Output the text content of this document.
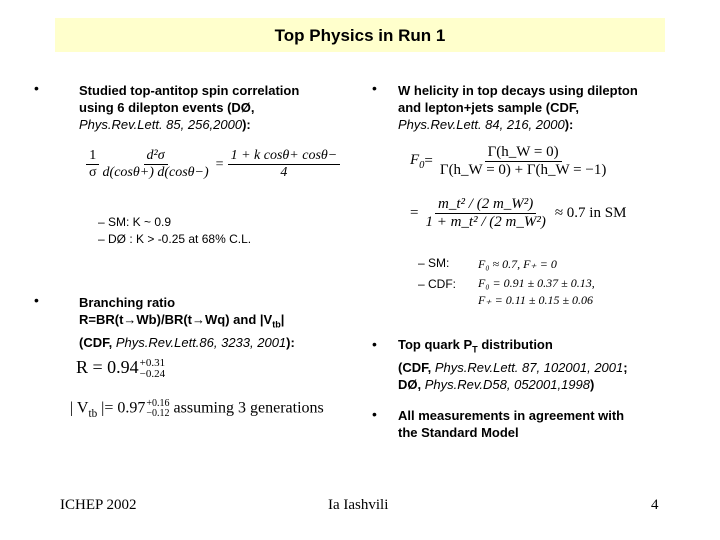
Top Physics in Run 1
•	Studied top-antitop spin correlation
using 6 dilepton events (DØ,
Phys.Rev.Lett. 85, 256,2000):
$\frac{1}{\sigma} \frac{\text{d²σ}}{d(\cos\theta+) d(\cos\theta-)} = \frac{\text{1 + k cosθ+ cosθ−}}{4}$
– SM: K ~ 0.9
– DØ : K > -0.25 at 68% C.L.
•	Branching ratio
R=BR(t→Wb)/BR(t→Wq) and $|V_{tb}|$
(CDF, Phys.Rev.Lett.86, 3233, 2001):
R = 0.94 +0.31
−0.24
| $V_{tb}$ |= 0.97 +0.16
−0.12 assuming 3 generations
• W helicity in top decays using dilepton
and lepton+jets sample (CDF,
Phys.Rev.Lett. 84, 216, 2000):
$F_0 = \frac{\Gamma(h\_W = 0)}{\Gamma(h\_W = 0) + \Gamma(h\_W = -1)}$
= $\frac{\text{m\_t² / (2 m\_W²)}}{\text{1 + m\_t² / (2 m\_W²)}} \approx 0.7$ in SM
– SM: F₀ ≈ 0.7, F₊ = 0
– CDF: F₀ = 0.91 ± 0.37 ± 0.13,
F₊ = 0.11 ± 0.15 ± 0.06
• Top quark $P_T$ distribution
(CDF, Phys.Rev.Lett. 87, 102001, 2001;
DØ, Phys.Rev.D58, 052001,1998)
• All measurements in agreement with
the Standard Model
ICHEP 2002	Ia Iashvili	4
